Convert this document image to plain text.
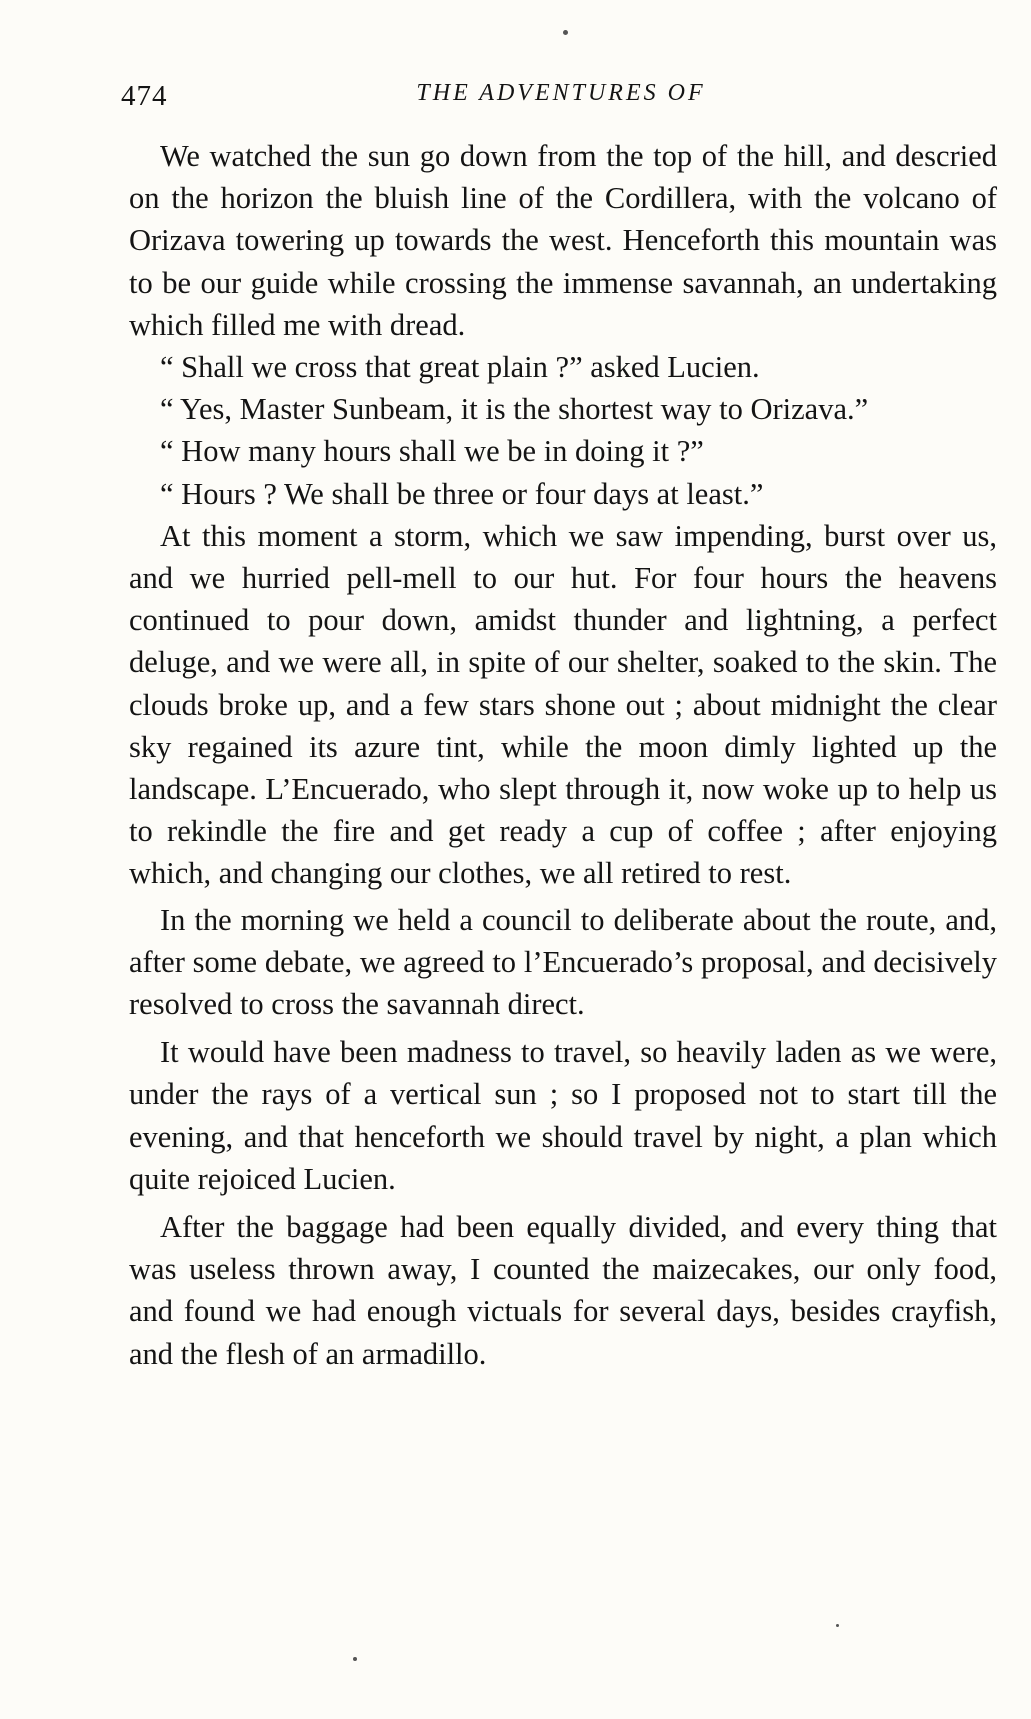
474	THE ADVENTURES OF

We watched the sun go down from the top of the hill, and descried on the horizon the bluish line of the Cordillera, with the volcano of Orizava towering up towards the west. Henceforth this mountain was to be our guide while crossing the immense savannah, an undertaking which filled me with dread.

“ Shall we cross that great plain ?” asked Lucien.

“ Yes, Master Sunbeam, it is the shortest way to Orizava.”

“ How many hours shall we be in doing it ?”

“ Hours ? We shall be three or four days at least.”

At this moment a storm, which we saw impending, burst over us, and we hurried pell-mell to our hut. For four hours the heavens continued to pour down, amidst thunder and lightning, a perfect deluge, and we were all, in spite of our shelter, soaked to the skin. The clouds broke up, and a few stars shone out ; about midnight the clear sky regained its azure tint, while the moon dimly lighted up the landscape. L’Encuerado, who slept through it, now woke up to help us to rekindle the fire and get ready a cup of coffee ; after enjoying which, and changing our clothes, we all retired to rest.

In the morning we held a council to deliberate about the route, and, after some debate, we agreed to l’Encuerado’s proposal, and decisively resolved to cross the savannah direct.

It would have been madness to travel, so heavily laden as we were, under the rays of a vertical sun ; so I proposed not to start till the evening, and that henceforth we should travel by night, a plan which quite rejoiced Lucien.

After the baggage had been equally divided, and every thing that was useless thrown away, I counted the maizecakes, our only food, and found we had enough victuals for several days, besides crayfish, and the flesh of an armadillo.
